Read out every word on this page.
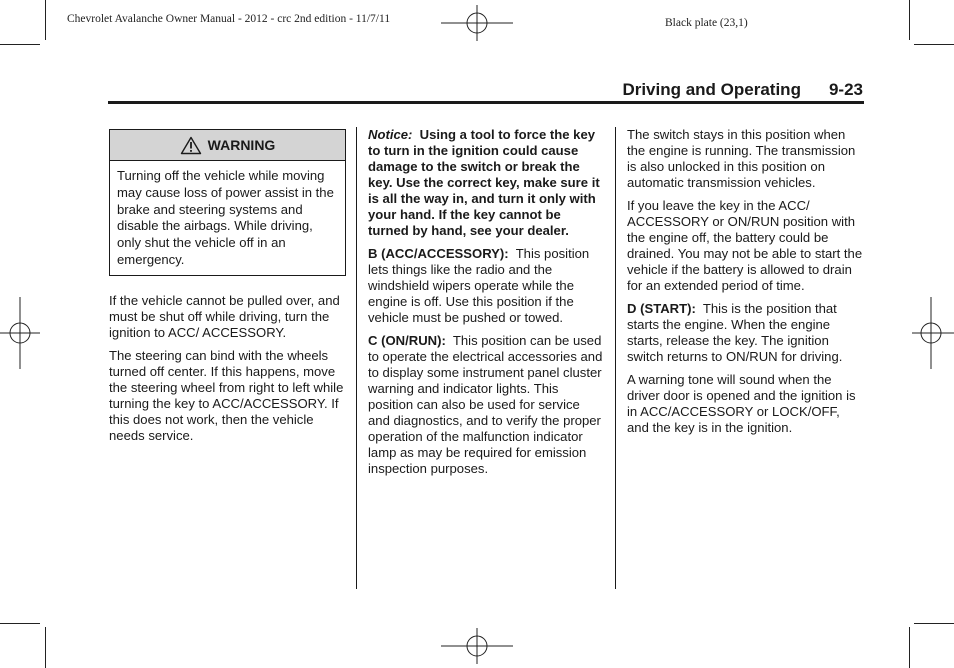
Chevrolet Avalanche Owner Manual - 2012 - crc 2nd edition - 11/7/11	Black plate (23,1)
Driving and Operating 9-23
WARNING
Turning off the vehicle while moving may cause loss of power assist in the brake and steering systems and disable the airbags. While driving, only shut the vehicle off in an emergency.

If the vehicle cannot be pulled over, and must be shut off while driving, turn the ignition to ACC/ ACCESSORY.

The steering can bind with the wheels turned off center. If this happens, move the steering wheel from right to left while turning the key to ACC/ACCESSORY. If this does not work, then the vehicle needs service.

Notice: Using a tool to force the key to turn in the ignition could cause damage to the switch or break the key. Use the correct key, make sure it is all the way in, and turn it only with your hand. If the key cannot be turned by hand, see your dealer.

B (ACC/ACCESSORY): This position lets things like the radio and the windshield wipers operate while the engine is off. Use this position if the vehicle must be pushed or towed.

C (ON/RUN): This position can be used to operate the electrical accessories and to display some instrument panel cluster warning and indicator lights. This position can also be used for service and diagnostics, and to verify the proper operation of the malfunction indicator lamp as may be required for emission inspection purposes.

The switch stays in this position when the engine is running. The transmission is also unlocked in this position on automatic transmission vehicles.

If you leave the key in the ACC/ ACCESSORY or ON/RUN position with the engine off, the battery could be drained. You may not be able to start the vehicle if the battery is allowed to drain for an extended period of time.

D (START): This is the position that starts the engine. When the engine starts, release the key. The ignition switch returns to ON/RUN for driving.

A warning tone will sound when the driver door is opened and the ignition is in ACC/ACCESSORY or LOCK/OFF, and the key is in the ignition.
